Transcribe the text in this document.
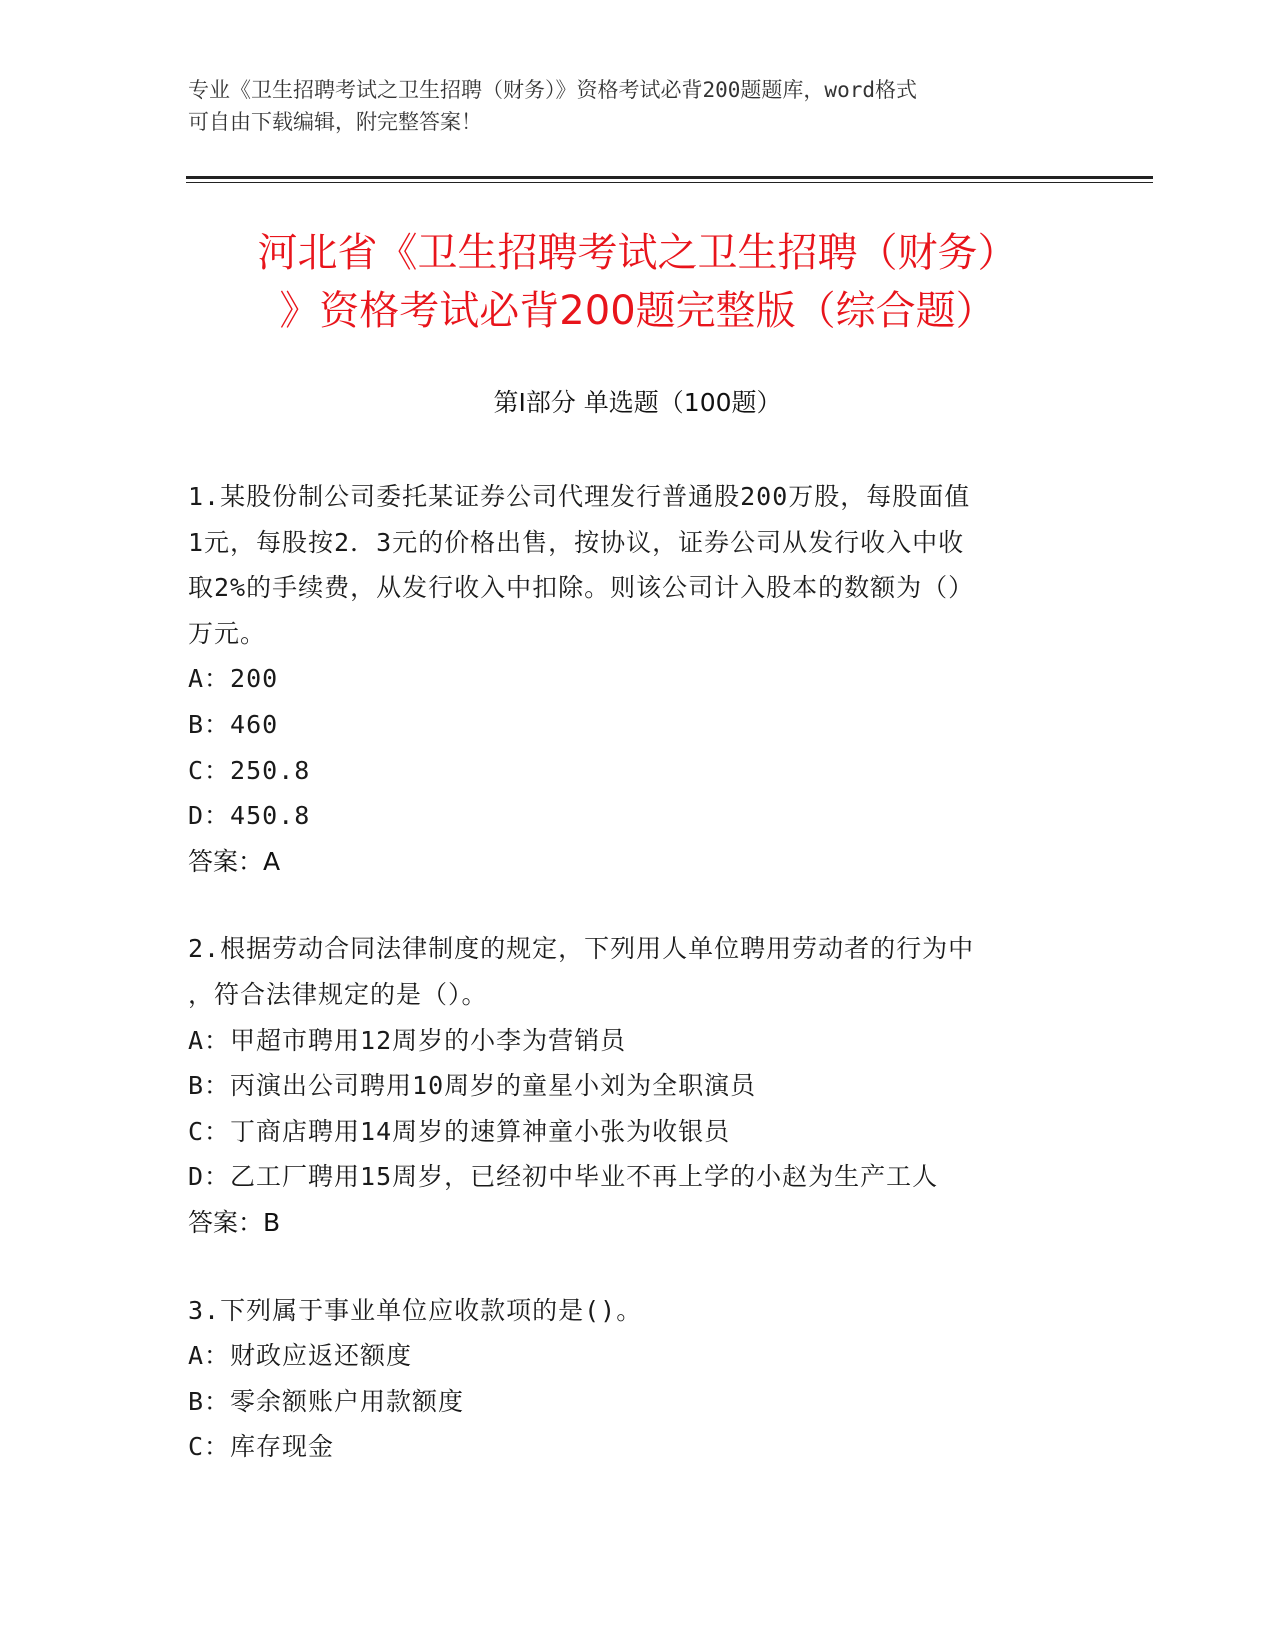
专业《卫生招聘考试之卫生招聘（财务）》资格考试必背200题题库，word格式
可自由下载编辑，附完整答案！
河北省《卫生招聘考试之卫生招聘（财务）
》资格考试必背200题完整版（综合题）
第Ⅰ部分 单选题（100题）
1.某股份制公司委托某证券公司代理发行普通股200万股，每股面值
1元，每股按2．3元的价格出售，按协议，证券公司从发行收入中收
取2%的手续费，从发行收入中扣除。则该公司计入股本的数额为（）
万元。
A：200
B：460
C：250.8
D：450.8
答案：A
2.根据劳动合同法律制度的规定，下列用人单位聘用劳动者的行为中
，符合法律规定的是（）。
A：甲超市聘用12周岁的小李为营销员
B：丙演出公司聘用10周岁的童星小刘为全职演员
C：丁商店聘用14周岁的速算神童小张为收银员
D：乙工厂聘用15周岁，已经初中毕业不再上学的小赵为生产工人
答案：B
3.下列属于事业单位应收款项的是()。
A：财政应返还额度
B：零余额账户用款额度
C：库存现金
